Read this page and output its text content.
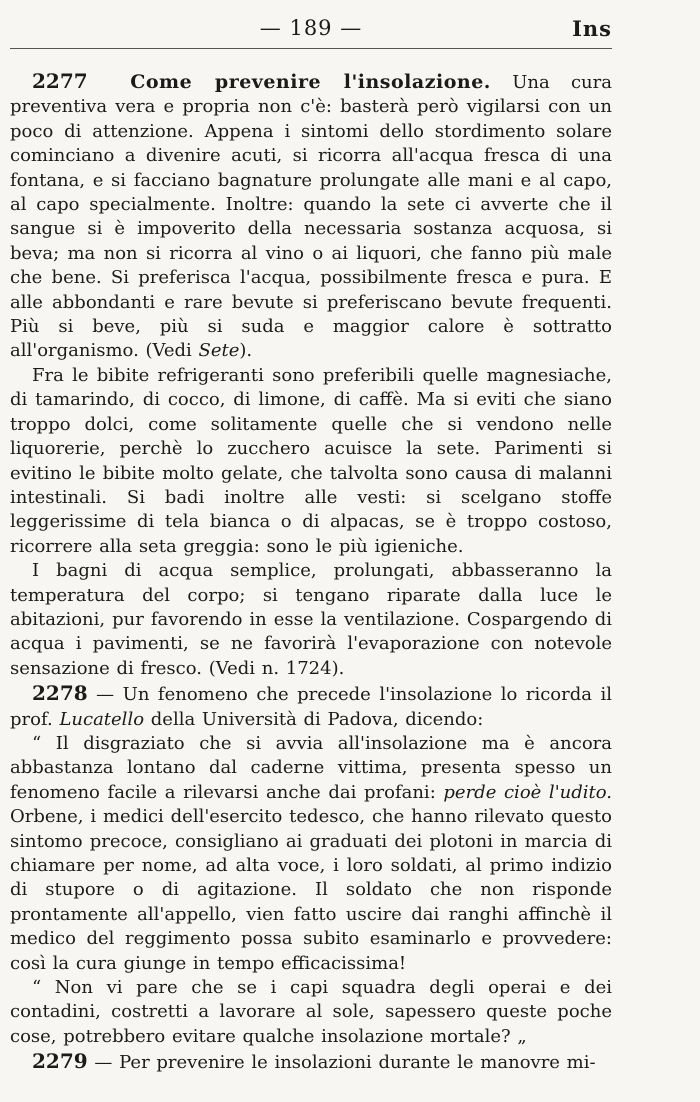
— 189 —	Ins

2277 Come prevenire l'insolazione. Una cura preventiva vera e propria non c'è: basterà però vigilarsi con un poco di attenzione. Appena i sintomi dello stordimento solare cominciano a divenire acuti, si ricorra all'acqua fresca di una fontana, e si facciano bagnature prolungate alle mani e al capo, al capo specialmente. Inoltre: quando la sete ci avverte che il sangue si è impoverito della necessaria sostanza acquosa, si beva; ma non si ricorra al vino o ai liquori, che fanno più male che bene. Si preferisca l'acqua, possibilmente fresca e pura. E alle abbondanti e rare bevute si preferiscano bevute frequenti. Più si beve, più si suda e maggior calore è sottratto all'organismo. (Vedi Sete).

Fra le bibite refrigeranti sono preferibili quelle magnesiache, di tamarindo, di cocco, di limone, di caffè. Ma si eviti che siano troppo dolci, come solitamente quelle che si vendono nelle liquorerie, perchè lo zucchero acuisce la sete. Parimenti si evitino le bibite molto gelate, che talvolta sono causa di malanni intestinali. Si badi inoltre alle vesti: si scelgano stoffe leggerissime di tela bianca o di alpacas, se è troppo costoso, ricorrere alla seta greggia: sono le più igieniche.

I bagni di acqua semplice, prolungati, abbasseranno la temperatura del corpo; si tengano riparate dalla luce le abitazioni, pur favorendo in esse la ventilazione. Cospargendo di acqua i pavimenti, se ne favorirà l'evaporazione con notevole sensazione di fresco. (Vedi n. 1724).

2278 — Un fenomeno che precede l'insolazione lo ricorda il prof. Lucatello della Università di Padova, dicendo:

“ Il disgraziato che si avvia all'insolazione ma è ancora abbastanza lontano dal caderne vittima, presenta spesso un fenomeno facile a rilevarsi anche dai profani: perde cioè l'udito. Orbene, i medici dell'esercito tedesco, che hanno rilevato questo sintomo precoce, consigliano ai graduati dei plotoni in marcia di chiamare per nome, ad alta voce, i loro soldati, al primo indizio di stupore o di agitazione. Il soldato che non risponde prontamente all'appello, vien fatto uscire dai ranghi affinchè il medico del reggimento possa subito esaminarlo e provvedere: così la cura giunge in tempo efficacissima!

“ Non vi pare che se i capi squadra degli operai e dei contadini, costretti a lavorare al sole, sapessero queste poche cose, potrebbero evitare qualche insolazione mortale? „

2279 — Per prevenire le insolazioni durante le manovre mi-
